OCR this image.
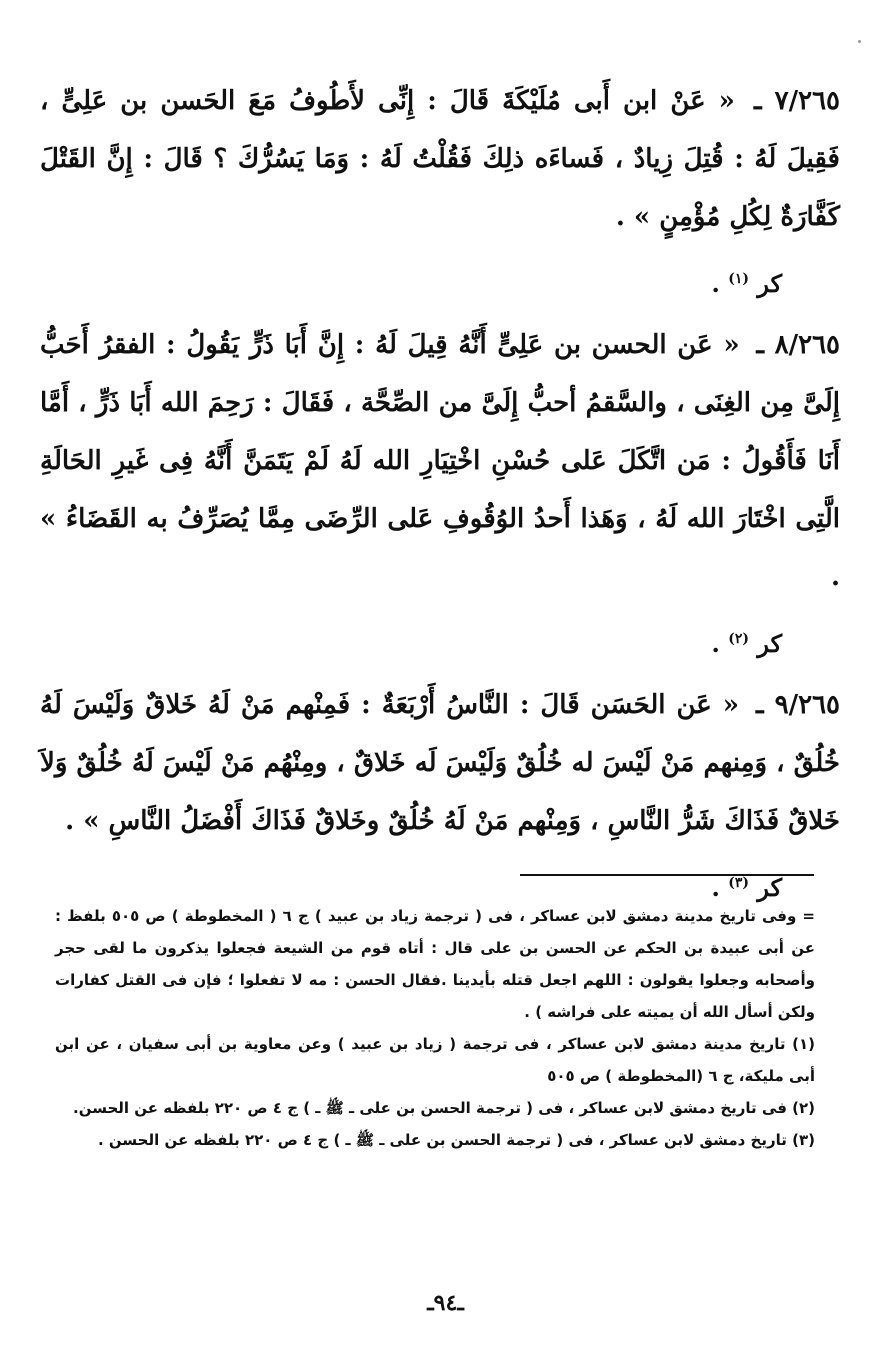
٧/٢٦٥ ـ « عَنْ ابن أَبى مُلَيْكَةَ قَالَ : إِنِّى لأَطُوفُ مَعَ الحَسن بن عَلِىٍّ ، فَقِيلَ لَهُ : قُتِلَ زِيادٌ ، فَساءَه ذلِكَ فَقُلْتُ لَهُ : وَمَا يَسُرُّكَ ؟ قَالَ : إِنَّ القَتْلَ كَفَّارَةٌ لِكُلِ مُؤْمِنٍ » .

كر $^{(١)}$ .

٨/٢٦٥ ـ « عَن الحسن بن عَلِىٍّ أَنَّهُ قِيلَ لَهُ : إِنَّ أَبَا ذَرٍّ يَقُولُ : الفقرُ أَحَبُّ إِلَىَّ مِن الغِنَى ، والسَّقمُ أحبُّ إِلَىَّ من الصِّحَّة ، فَقَالَ : رَحِمَ الله أَبَا ذَرٍّ ، أَمَّا أَنَا فَأَقُولُ : مَن اتَّكَلَ عَلى حُسْنِ اخْتِيَارِ الله لَهُ لَمْ يَتَمَنَّ أَنَّهُ فِى غَيرِ الحَالَةِ الَّتِى اخْتَارَ الله لَهُ ، وَهَذا أَحدُ الوُقُوفِ عَلى الرِّضَى مِمَّا يُصَرِّفُ به القَضَاءُ » .

كر $^{(٢)}$ .

٩/٢٦٥ ـ « عَن الحَسَن قَالَ : النَّاسُ أَرْبَعَةٌ : فَمِنْهم مَنْ لَهُ خَلاقٌ وَلَيْسَ لَهُ خُلُقٌ ، وَمِنهم مَنْ لَيْسَ له خُلُقٌ وَلَيْسَ لَه خَلاقٌ ، ومِنْهُم مَنْ لَيْسَ لَهُ خُلُقٌ وَلاَ خَلاقٌ فَذَاكَ شَرُّ النَّاسِ ، وَمِنْهم مَنْ لَهُ خُلُقٌ وخَلاقٌ فَذَاكَ أَفْضَلُ النَّاسِ » .

كر $^{(٣)}$ .

= وفى تاريخ مدينة دمشق لابن عساكر ، فى ( ترجمة زياد بن عبيد ) ج ٦ ( المخطوطة ) ص ٥٠٥ بلفظ : عن أبى عبيدة بن الحكم عن الحسن بن على قال : أتاه قوم من الشيعة فجعلوا يذكرون ما لقى حجر وأصحابه وجعلوا يقولون : اللهم اجعل قتله بأيدينا .فقال الحسن : مه لا تفعلوا ؛ فإن فى القتل كفارات ولكن أسأل الله أن يميته على فراشه ) .

(١) تاريخ مدينة دمشق لابن عساكر ، فى ترجمة ( زياد بن عبيد ) وعن معاوية بن أبى سفيان ، عن ابن أبى مليكة، ج ٦ (المخطوطة ) ص ٥٠٥

(٢) فى تاريخ دمشق لابن عساكر ، فى ( ترجمة الحسن بن على ـ ﷺ ـ ) ج ٤ ص ٢٢٠ بلفظه عن الحسن.

(٣) تاريخ دمشق لابن عساكر ، فى ( ترجمة الحسن بن على ـ ﷺ ـ ) ج ٤ ص ٢٢٠ بلفظه عن الحسن .

ـ٩٤ـ
